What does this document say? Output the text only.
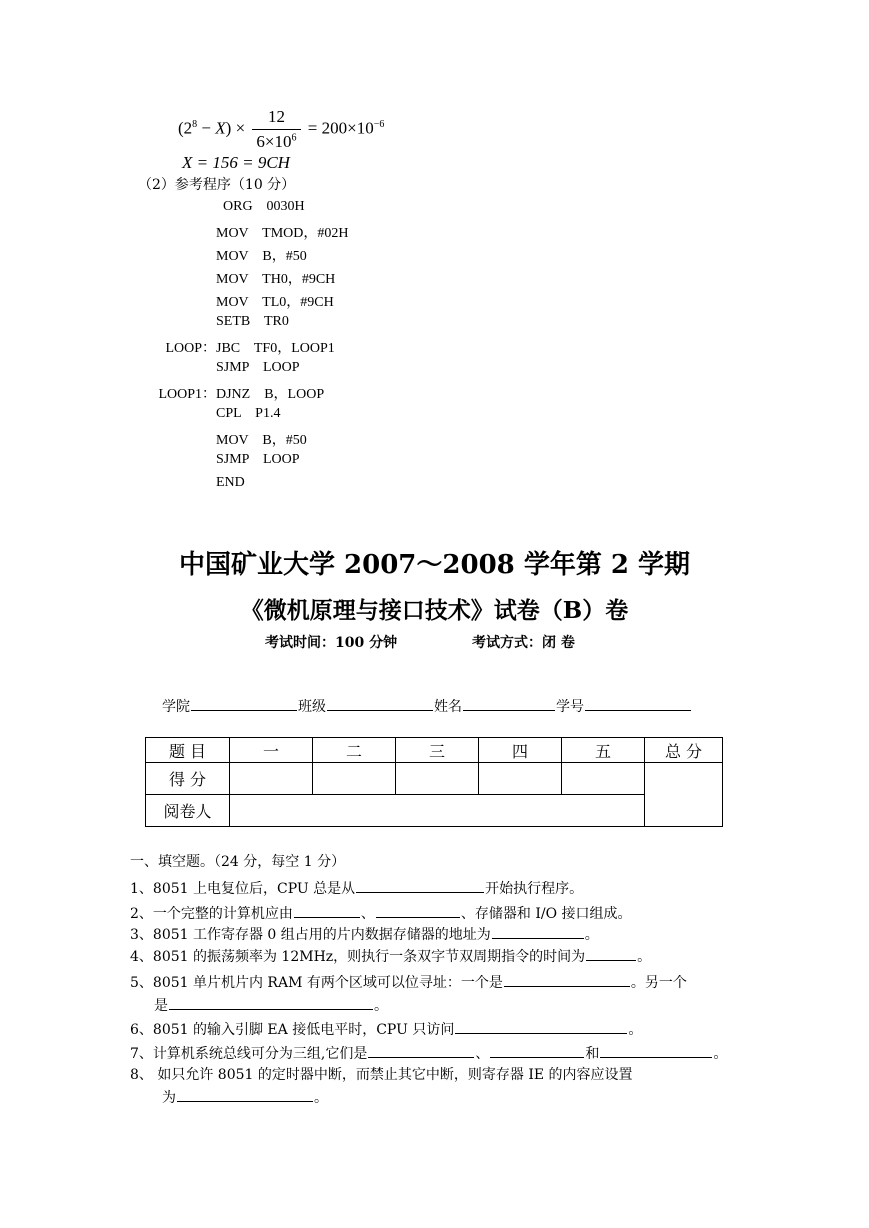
$(2^8 - X) \times \frac{12}{6\times 10^6} = 200\times 10^{-6}$
X = 156 = 9CH
（2）参考程序（10 分）
ORG    0030H
MOV    TMOD，#02H
MOV    B，#50
MOV    TH0，#9CH
MOV    TL0，#9CH
SETB    TR0
LOOP： JBC    TF0，LOOP1
SJMP    LOOP
LOOP1： DJNZ    B，LOOP
CPL    P1.4
MOV    B，#50
SJMP    LOOP
END
中国矿业大学 2007～2008 学年第 2 学期
《微机原理与接口技术》试卷（B）卷
考试时间：100 分钟	考试方式：闭 卷
学院	班级	姓名	学号
题 目	一	二	三	四	五	总 分
得 分						
阅卷人						
一、填空题。（24 分，每空 1 分）
1、8051 上电复位后，CPU 总是从	开始执行程序。
2、一个完整的计算机应由	、	、存储器和 I/O 接口组成。
3、8051 工作寄存器 0 组占用的片内数据存储器的地址为	。
4、8051 的振荡频率为 12MHz，则执行一条双字节双周期指令的时间为	。
5、8051 单片机片内 RAM 有两个区域可以位寻址：一个是	。另一个
是	。
6、8051 的输入引脚 EA 接低电平时，CPU 只访问	。
7、计算机系统总线可分为三组,它们是	、	和	。
8、 如只允许 8051 的定时器中断，而禁止其它中断，则寄存器 IE 的内容应设置
为	。
